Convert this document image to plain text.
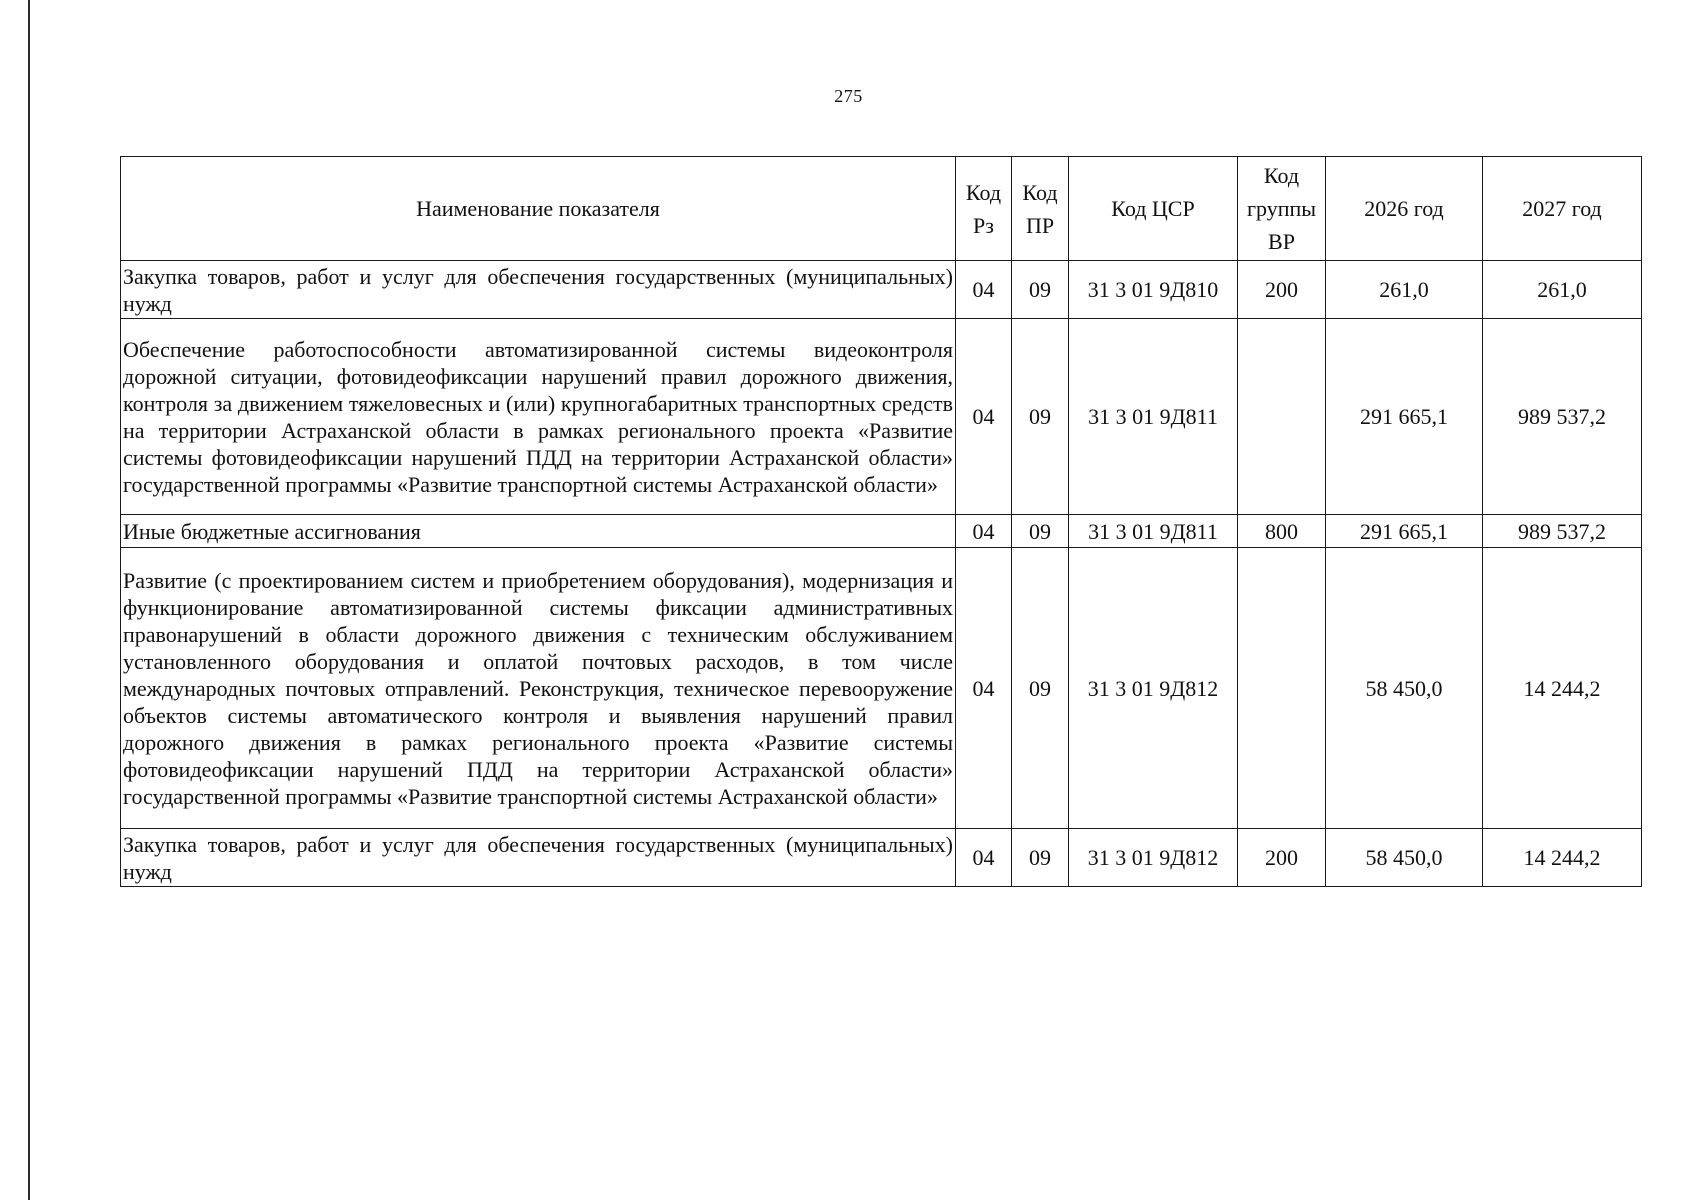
275
Наименование показателя	Код Рз	Код ПР	Код ЦСР	Код группы ВР	2026 год	2027 год
Закупка товаров, работ и услуг для обеспечения государственных (муниципальных) нужд	04	09	31 3 01 9Д810	200	261,0	261,0
Обеспечение работоспособности автоматизированной системы видеоконтроля дорожной ситуации, фотовидеофиксации нарушений правил дорожного движения, контроля за движением тяжеловесных и (или) крупногабаритных транспортных средств на территории Астраханской области в рамках регионального проекта «Развитие системы фотовидеофиксации нарушений ПДД на территории Астраханской области» государственной программы «Развитие транспортной системы Астраханской области»	04	09	31 3 01 9Д811		291 665,1	989 537,2
Иные бюджетные ассигнования	04	09	31 3 01 9Д811	800	291 665,1	989 537,2
Развитие (с проектированием систем и приобретением оборудования), модернизация и функционирование автоматизированной системы фиксации административных правонарушений в области дорожного движения с техническим обслуживанием установленного оборудования и оплатой почтовых расходов, в том числе международных почтовых отправлений. Реконструкция, техническое перевооружение объектов системы автоматического контроля и выявления нарушений правил дорожного движения в рамках регионального проекта «Развитие системы фотовидеофиксации нарушений ПДД на территории Астраханской области» государственной программы «Развитие транспортной системы Астраханской области»	04	09	31 3 01 9Д812		58 450,0	14 244,2
Закупка товаров, работ и услуг для обеспечения государственных (муниципальных) нужд	04	09	31 3 01 9Д812	200	58 450,0	14 244,2
